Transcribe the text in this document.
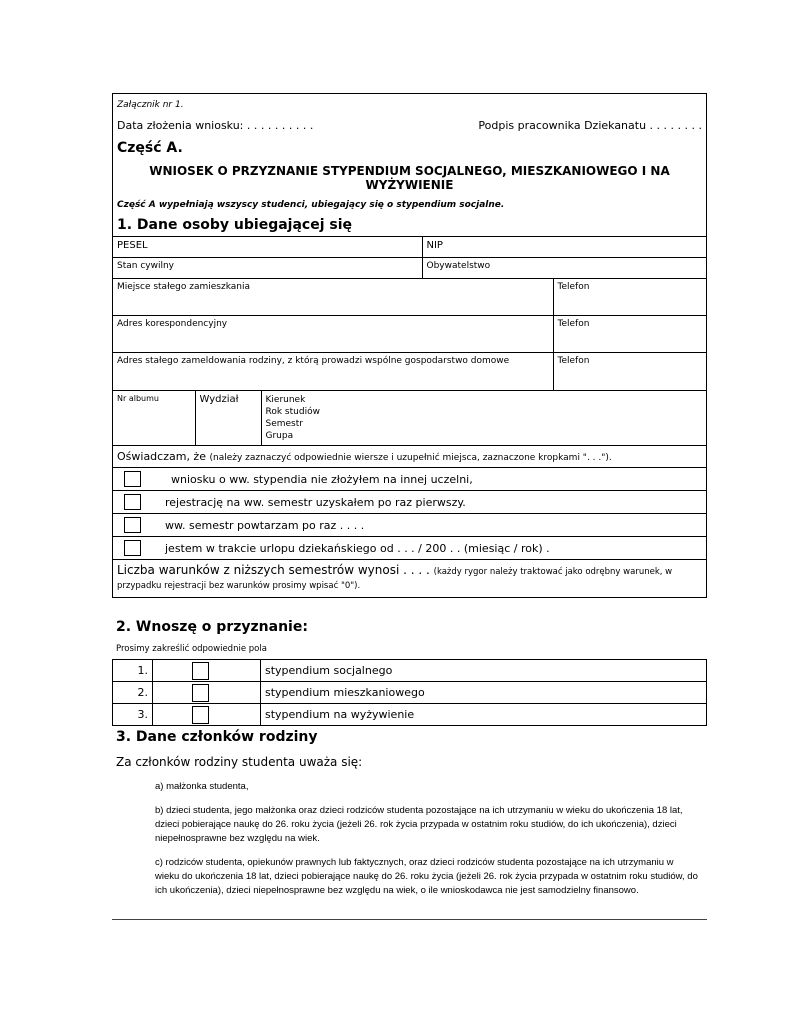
Załącznik nr 1.
Data złożenia wniosku: . . . . . . . . . .	Podpis pracownika Dziekanatu . . . . . . . .
Część A.
WNIOSEK O PRZYZNANIE STYPENDIUM SOCJALNEGO, MIESZKANIOWEGO I NA WYŻYWIENIE
Część A wypełniają wszyscy studenci, ubiegający się o stypendium socjalne.
1. Dane osoby ubiegającej się
PESEL	NIP	
Stan cywilny	Obywatelstwo	
Miejsce stałego zamieszkania		Telefon
Adres korespondencyjny		Telefon
Adres stałego zameldowania rodziny, z którą prowadzi wspólne gospodarstwo domowe		Telefon
Nr albumu	Wydział	Kierunek
Rok studiów
Semestr
Grupa
Oświadczam, że (należy zaznaczyć odpowiednie wiersze i uzupełnić miejsca, zaznaczone kropkami ". . .").
wniosku o ww. stypendia nie złożyłem na innej uczelni,
rejestrację na ww. semestr uzyskałem po raz pierwszy.
ww. semestr powtarzam po raz . . . .
jestem w trakcie urlopu dziekańskiego od . . . / 200 . . (miesiąc / rok) .
Liczba warunków z niższych semestrów wynosi . . . . (każdy rygor należy traktować jako odrębny warunek, w przypadku rejestracji bez warunków prosimy wpisać "0").
2. Wnoszę o przyznanie:
Prosimy zakreślić odpowiednie pola
1.		stypendium socjalnego
2.		stypendium mieszkaniowego
3.		stypendium na wyżywienie
3. Dane członków rodziny
Za członków rodziny studenta uważa się:
a) małżonka studenta,
b) dzieci studenta, jego małżonka oraz dzieci rodziców studenta pozostające na ich utrzymaniu w wieku do ukończenia 18 lat, dzieci pobierające naukę do 26. roku życia (jeżeli 26. rok życia przypada w ostatnim roku studiów, do ich ukończenia), dzieci niepełnosprawne bez względu na wiek.
c) rodziców studenta, opiekunów prawnych lub faktycznych, oraz dzieci rodziców studenta pozostające na ich utrzymaniu w wieku do ukończenia 18 lat, dzieci pobierające naukę do 26. roku życia (jeżeli 26. rok życia przypada w ostatnim roku studiów, do ich ukończenia), dzieci niepełnosprawne bez względu na wiek, o ile wnioskodawca nie jest samodzielny finansowo.
